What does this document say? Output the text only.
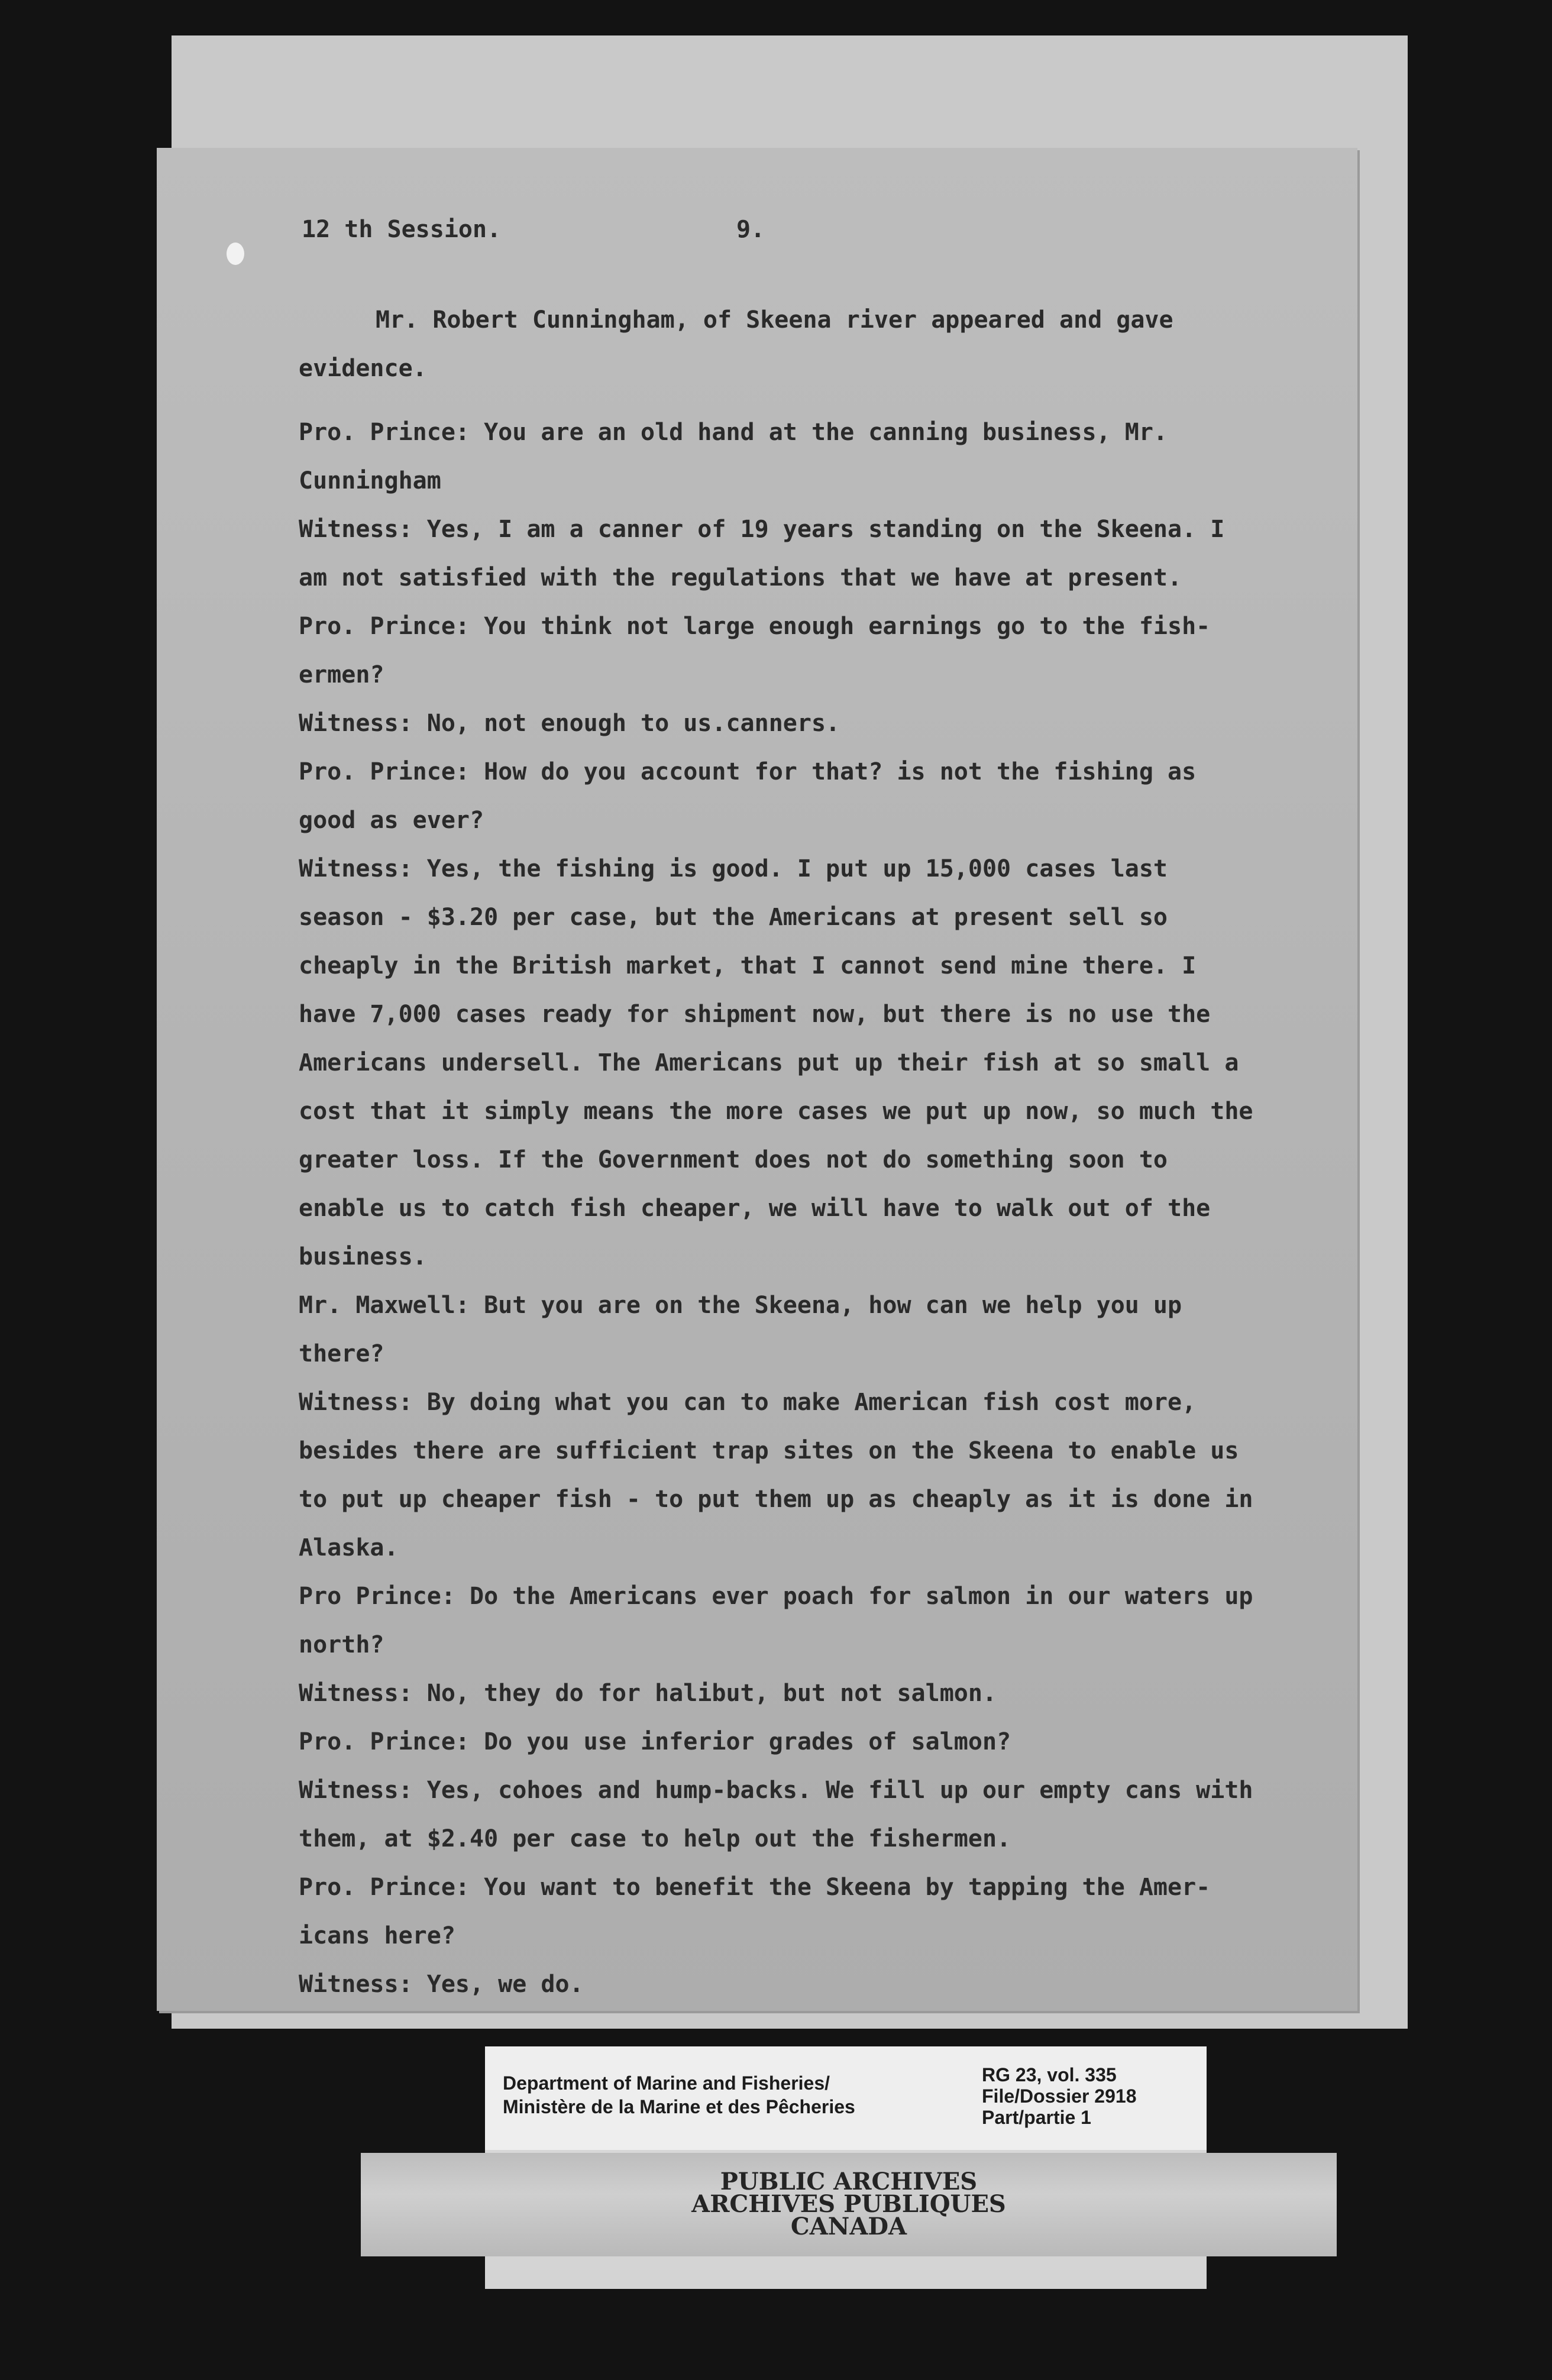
12 th Session.	9.

Mr. Robert Cunningham, of Skeena river appeared and gave evidence.

Pro. Prince: You are an old hand at the canning business, Mr. Cunningham

Witness: Yes, I am a canner of 19 years standing on the Skeena. I am not satisfied with the regulations that we have at present.

Pro. Prince: You think not large enough earnings go to the fish-ermen?

Witness: No, not enough to us.canners.

Pro. Prince: How do you account for that? is not the fishing as good as ever?

Witness: Yes, the fishing is good. I put up 15,000 cases last season - $3.20 per case, but the Americans at present sell so cheaply in the British market, that I cannot send mine there. I have 7,000 cases ready for shipment now, but there is no use the Americans undersell. The Americans put up their fish at so small a cost that it simply means the more cases we put up now, so much the greater loss. If the Government does not do something soon to enable us to catch fish cheaper, we will have to walk out of the business.

Mr. Maxwell: But you are on the Skeena, how can we help you up there?

Witness: By doing what you can to make American fish cost more, besides there are sufficient trap sites on the Skeena to enable us to put up cheaper fish - to put them up as cheaply as it is done in Alaska.

Pro Prince: Do the Americans ever poach for salmon in our waters up north?

Witness: No, they do for halibut, but not salmon.

Pro. Prince: Do you use inferior grades of salmon?

Witness: Yes, cohoes and hump-backs. We fill up our empty cans with them, at $2.40 per case to help out the fishermen.

Pro. Prince: You want to benefit the Skeena by tapping the Amer-icans here?

Witness: Yes, we do.

Department of Marine and Fisheries/
Ministère de la Marine et des Pêcheries
RG 23, vol. 335
File/Dossier 2918
Part/partie 1
PUBLIC ARCHIVES
ARCHIVES PUBLIQUES
CANADA
